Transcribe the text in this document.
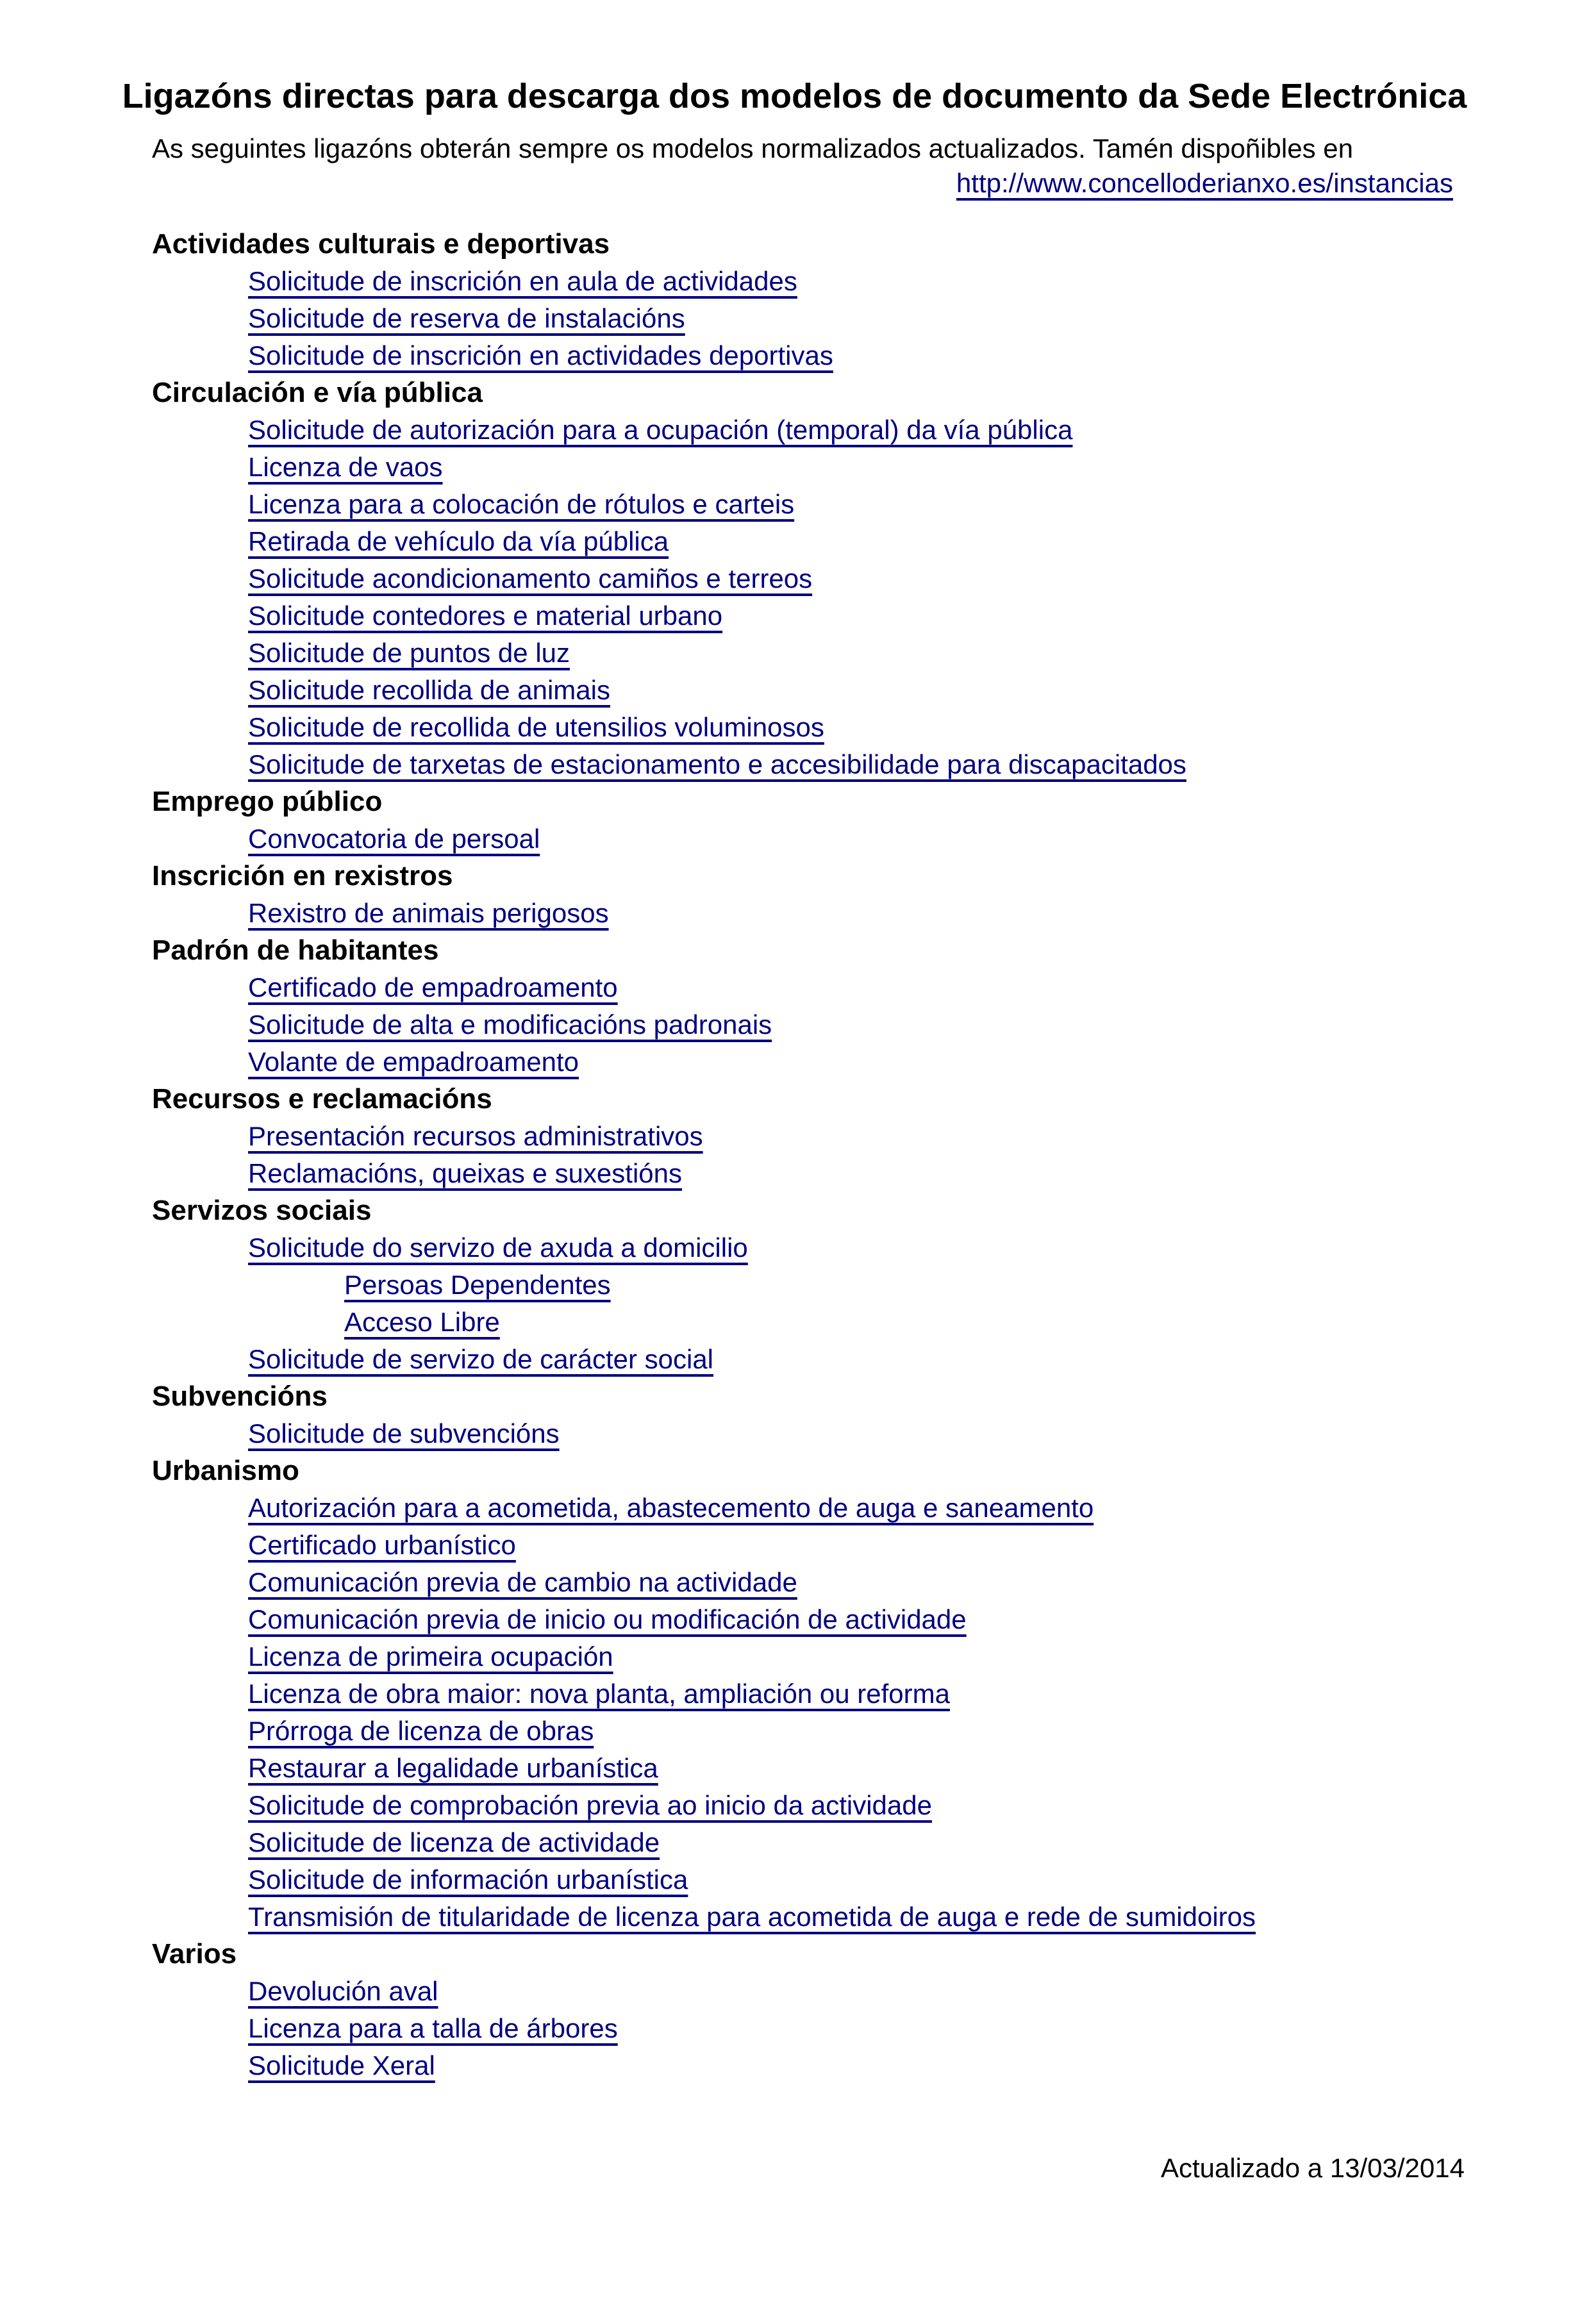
Ligazóns directas para descarga dos modelos de documento da Sede Electrónica
As seguintes ligazóns obterán sempre os modelos normalizados actualizados. Tamén dispoñibles en
http://www.concelloderianxo.es/instancias
Actividades culturais e deportivas
Solicitude de inscrición en aula de actividades
Solicitude de reserva de instalacións
Solicitude de inscrición en actividades deportivas
Circulación e vía pública
Solicitude de autorización para a ocupación (temporal) da vía pública
Licenza de vaos
Licenza para a colocación de rótulos e carteis
Retirada de vehículo da vía pública
Solicitude acondicionamento camiños e terreos
Solicitude contedores e material urbano
Solicitude de puntos de luz
Solicitude recollida de animais
Solicitude de recollida de utensilios voluminosos
Solicitude de tarxetas de estacionamento e accesibilidade para discapacitados
Emprego público
Convocatoria de persoal
Inscrición en rexistros
Rexistro de animais perigosos
Padrón de habitantes
Certificado de empadroamento
Solicitude de alta e modificacións padronais
Volante de empadroamento
Recursos e reclamacións
Presentación recursos administrativos
Reclamacións, queixas e suxestións
Servizos sociais
Solicitude do servizo de axuda a domicilio
Persoas Dependentes
Acceso Libre
Solicitude de servizo de carácter social
Subvencións
Solicitude de subvencións
Urbanismo
Autorización para a acometida, abastecemento de auga e saneamento
Certificado urbanístico
Comunicación previa de cambio na actividade
Comunicación previa de inicio ou modificación de actividade
Licenza de primeira ocupación
Licenza de obra maior: nova planta, ampliación ou reforma
Prórroga de licenza de obras
Restaurar a legalidade urbanística
Solicitude de comprobación previa ao inicio da actividade
Solicitude de licenza de actividade
Solicitude de información urbanística
Transmisión de titularidade de licenza para acometida de auga e rede de sumidoiros
Varios
Devolución aval
Licenza para a talla de árbores
Solicitude Xeral
Actualizado a 13/03/2014
